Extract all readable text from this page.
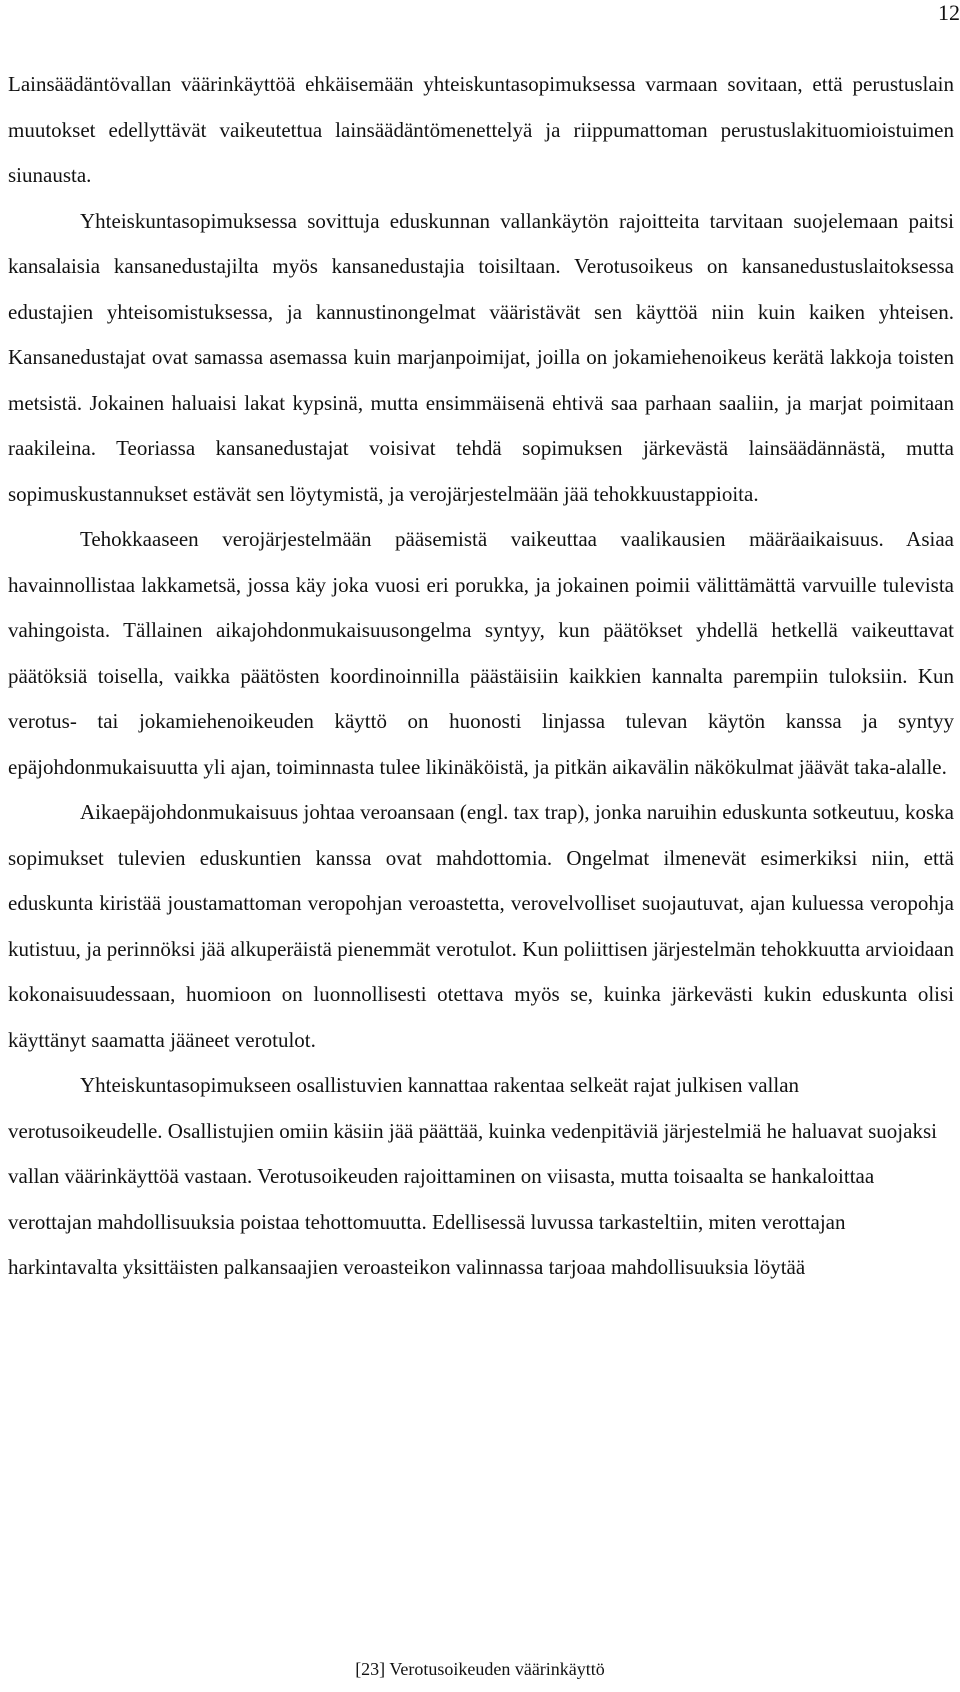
12

Lainsäädäntövallan väärinkäyttöä ehkäisemään yhteiskuntasopimuksessa varmaan sovitaan, että perustuslain muutokset edellyttävät vaikeutettua lainsäädäntömenettelyä ja riippumattoman perustuslakituomioistuimen siunausta.

Yhteiskuntasopimuksessa sovittuja eduskunnan vallankäytön rajoitteita tarvitaan suojelemaan paitsi kansalaisia kansanedustajilta myös kansanedustajia toisiltaan. Verotusoikeus on kansanedustuslaitoksessa edustajien yhteisomistuksessa, ja kannustinongelmat vääristävät sen käyttöä niin kuin kaiken yhteisen. Kansanedustajat ovat samassa asemassa kuin marjanpoimijat, joilla on jokamiehenoikeus kerätä lakkoja toisten metsistä. Jokainen haluaisi lakat kypsinä, mutta ensimmäisenä ehtivä saa parhaan saaliin, ja marjat poimitaan raakileina. Teoriassa kansanedustajat voisivat tehdä sopimuksen järkevästä lainsäädännästä, mutta sopimuskustannukset estävät sen löytymistä, ja verojärjestelmään jää tehokkuustappioita.

Tehokkaaseen verojärjestelmään pääsemistä vaikeuttaa vaalikausien määräaikaisuus. Asiaa havainnollistaa lakkametsä, jossa käy joka vuosi eri porukka, ja jokainen poimii välittämättä varvuille tulevista vahingoista. Tällainen aikajohdonmukaisuusongelma syntyy, kun päätökset yhdellä hetkellä vaikeuttavat päätöksiä toisella, vaikka päätösten koordinoinnilla päästäisiin kaikkien kannalta parempiin tuloksiin. Kun verotus- tai jokamiehenoikeuden käyttö on huonosti linjassa tulevan käytön kanssa ja syntyy epäjohdonmukaisuutta yli ajan, toiminnasta tulee likinäköistä, ja pitkän aikavälin näkökulmat jäävät taka-alalle.

Aikaepäjohdonmukaisuus johtaa veroansaan (engl. tax trap), jonka naruihin eduskunta sotkeutuu, koska sopimukset tulevien eduskuntien kanssa ovat mahdottomia. Ongelmat ilmenevät esimerkiksi niin, että eduskunta kiristää joustamattoman veropohjan veroastetta, verovelvolliset suojautuvat, ajan kuluessa veropohja kutistuu, ja perinnöksi jää alkuperäistä pienemmät verotulot. Kun poliittisen järjestelmän tehokkuutta arvioidaan kokonaisuudessaan, huomioon on luonnollisesti otettava myös se, kuinka järkevästi kukin eduskunta olisi käyttänyt saamatta jääneet verotulot.

Yhteiskuntasopimukseen osallistuvien kannattaa rakentaa selkeät rajat julkisen vallan verotusoikeudelle. Osallistujien omiin käsiin jää päättää, kuinka vedenpitäviä järjestelmiä he haluavat suojaksi vallan väärinkäyttöä vastaan. Verotusoikeuden rajoittaminen on viisasta, mutta toisaalta se hankaloittaa verottajan mahdollisuuksia poistaa tehottomuutta. Edellisessä luvussa tarkasteltiin, miten verottajan harkintavalta yksittäisten palkansaajien veroasteikon valinnassa tarjoaa mahdollisuuksia löytää

[23] Verotusoikeuden väärinkäyttö
